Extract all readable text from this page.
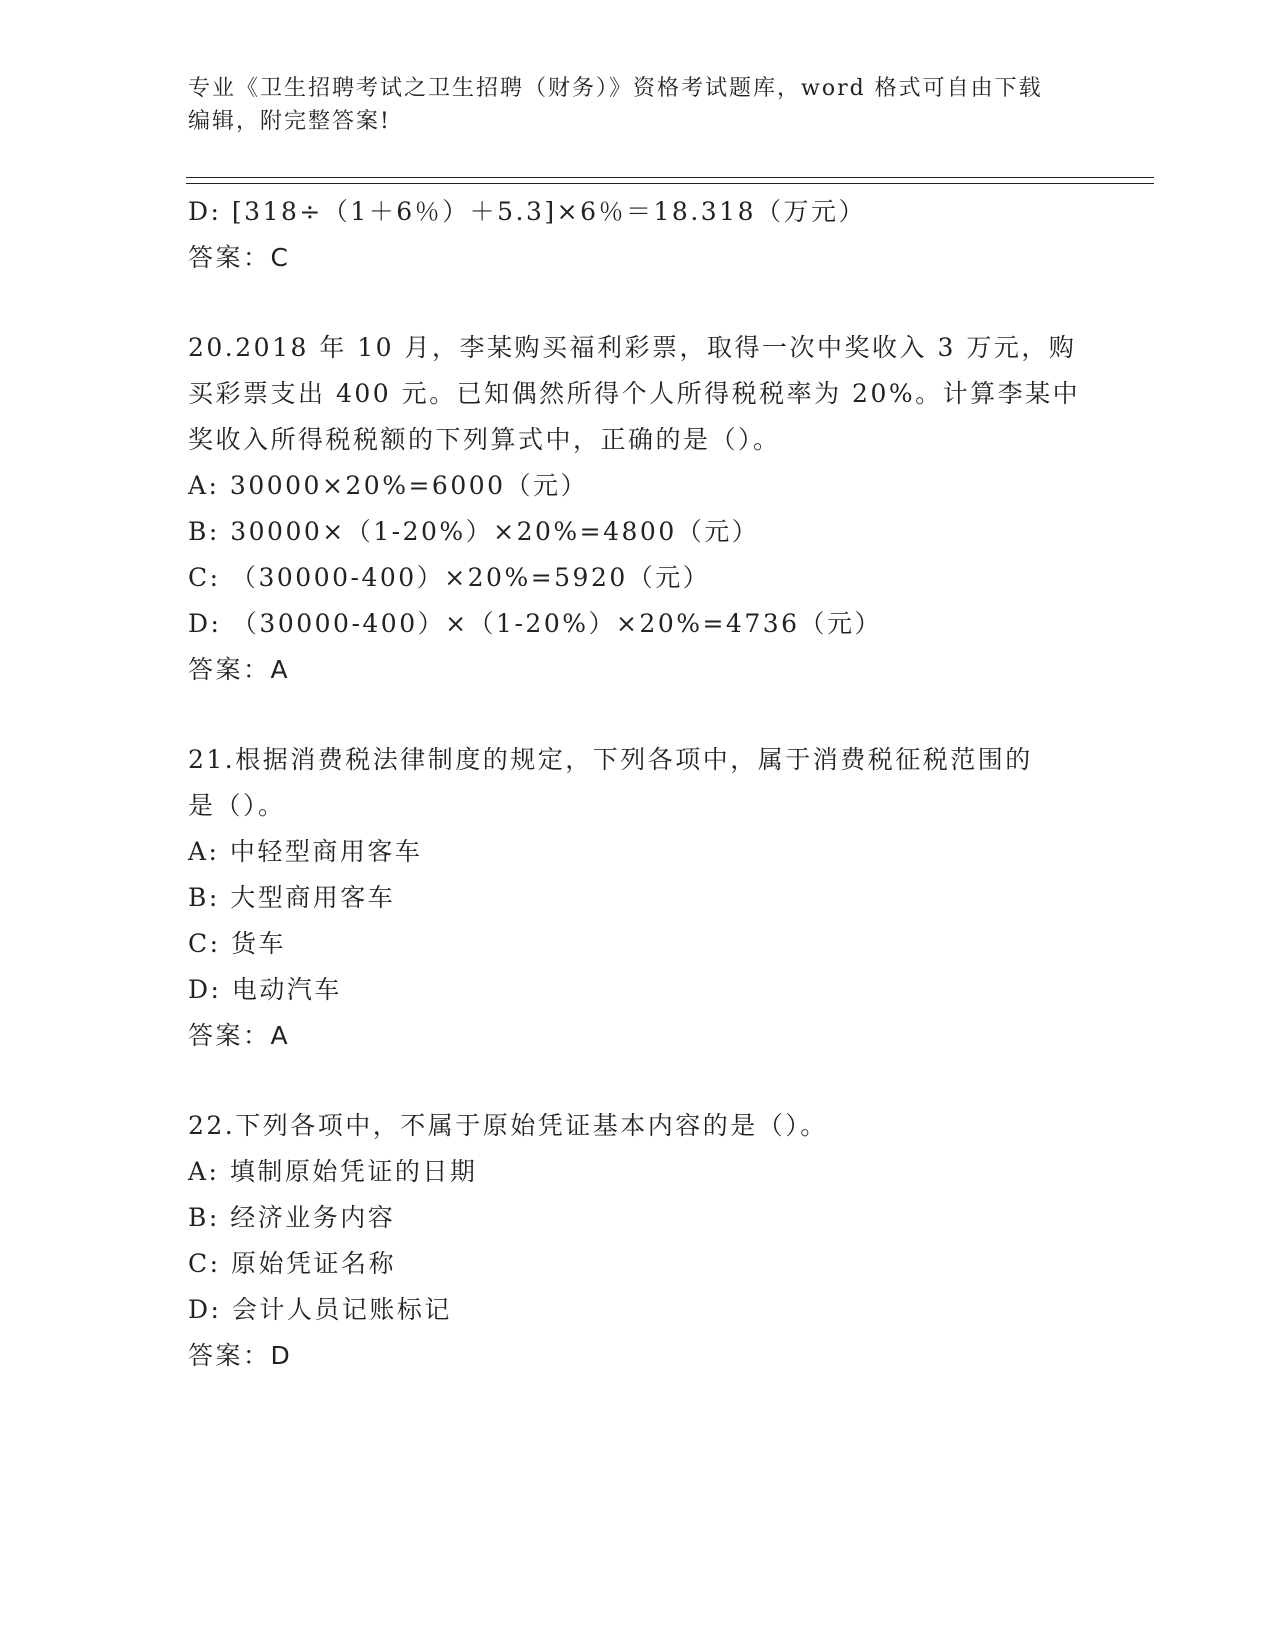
专业《卫生招聘考试之卫生招聘（财务）》资格考试题库，word 格式可自由下载
编辑，附完整答案!
D: [318÷（1＋6％）＋5.3]×6％＝18.318（万元）
答案：C
20.2018 年 10 月，李某购买福利彩票，取得一次中奖收入 3 万元，购
买彩票支出 400 元。已知偶然所得个人所得税税率为 20%。计算李某中
奖收入所得税税额的下列算式中，正确的是（）。
A: 30000×20%=6000（元）
B: 30000×（1-20%）×20%=4800（元）
C: （30000-400）×20%=5920（元）
D: （30000-400）×（1-20%）×20%=4736（元）
答案：A
21.根据消费税法律制度的规定，下列各项中，属于消费税征税范围的
是（）。
A: 中轻型商用客车
B: 大型商用客车
C: 货车
D: 电动汽车
答案：A
22.下列各项中，不属于原始凭证基本内容的是（）。
A: 填制原始凭证的日期
B: 经济业务内容
C: 原始凭证名称
D: 会计人员记账标记
答案：D
